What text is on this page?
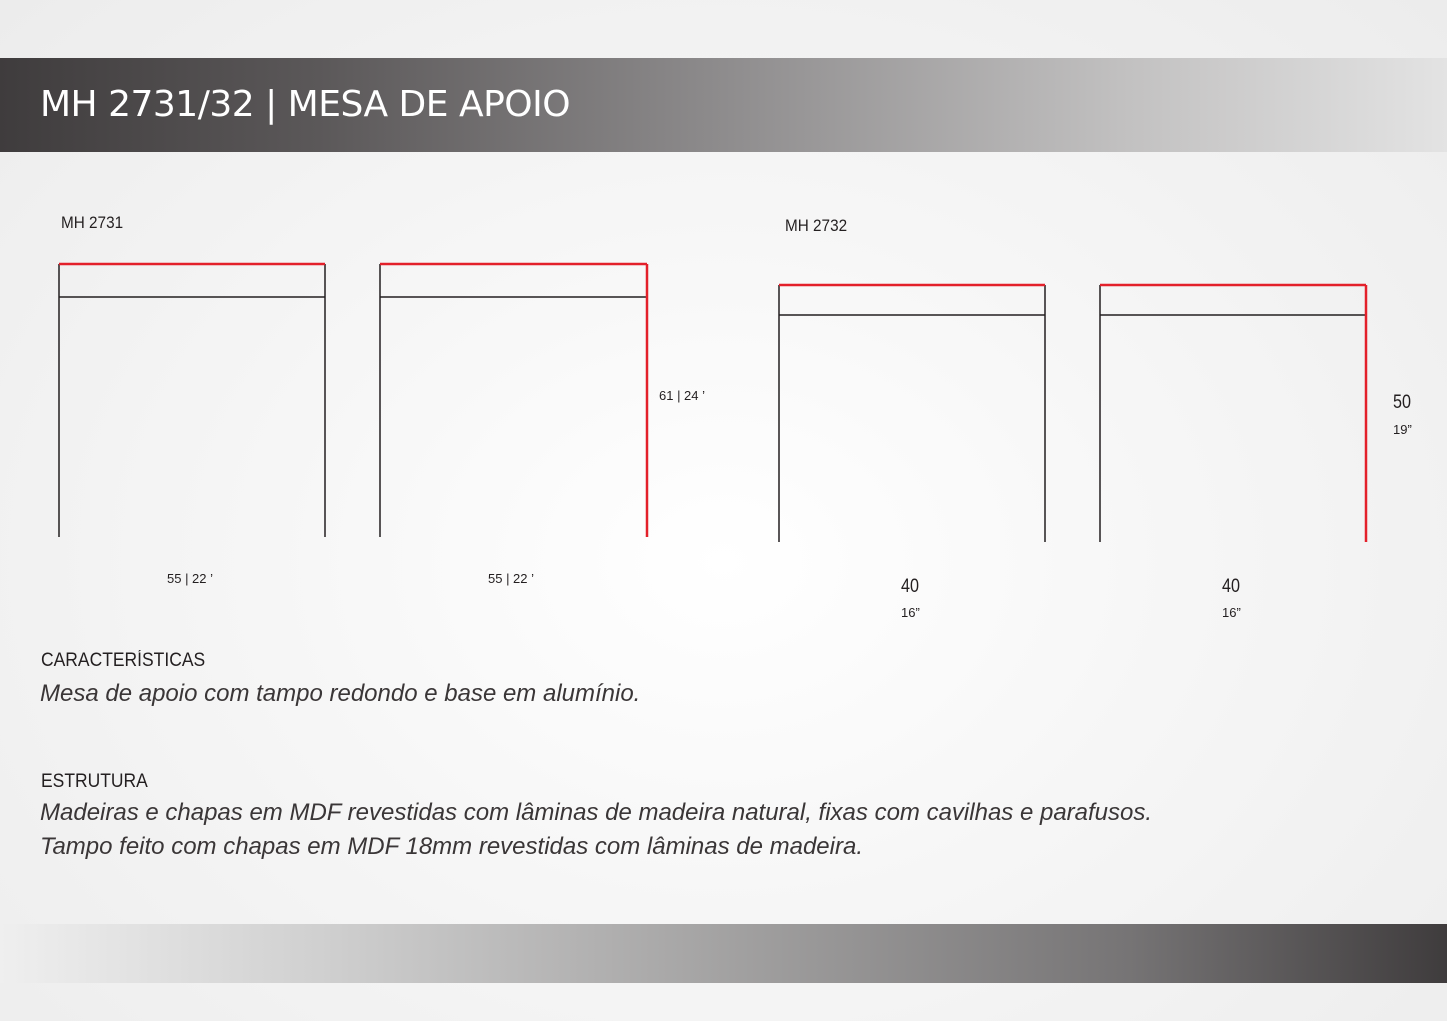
MH 2731/32 | MESA DE APOIO
MH 2731	MH 2732
61 | 24 ’
55 | 22 ’	55 | 22 ’
50
19”
40
16”
40
16”
CARACTERÍSTICAS

Mesa de apoio com tampo redondo e base em alumínio.

ESTRUTURA

Madeiras e chapas em MDF revestidas com lâminas de madeira natural, fixas com cavilhas e parafusos.

Tampo feito com chapas em MDF 18mm revestidas com lâminas de madeira.
